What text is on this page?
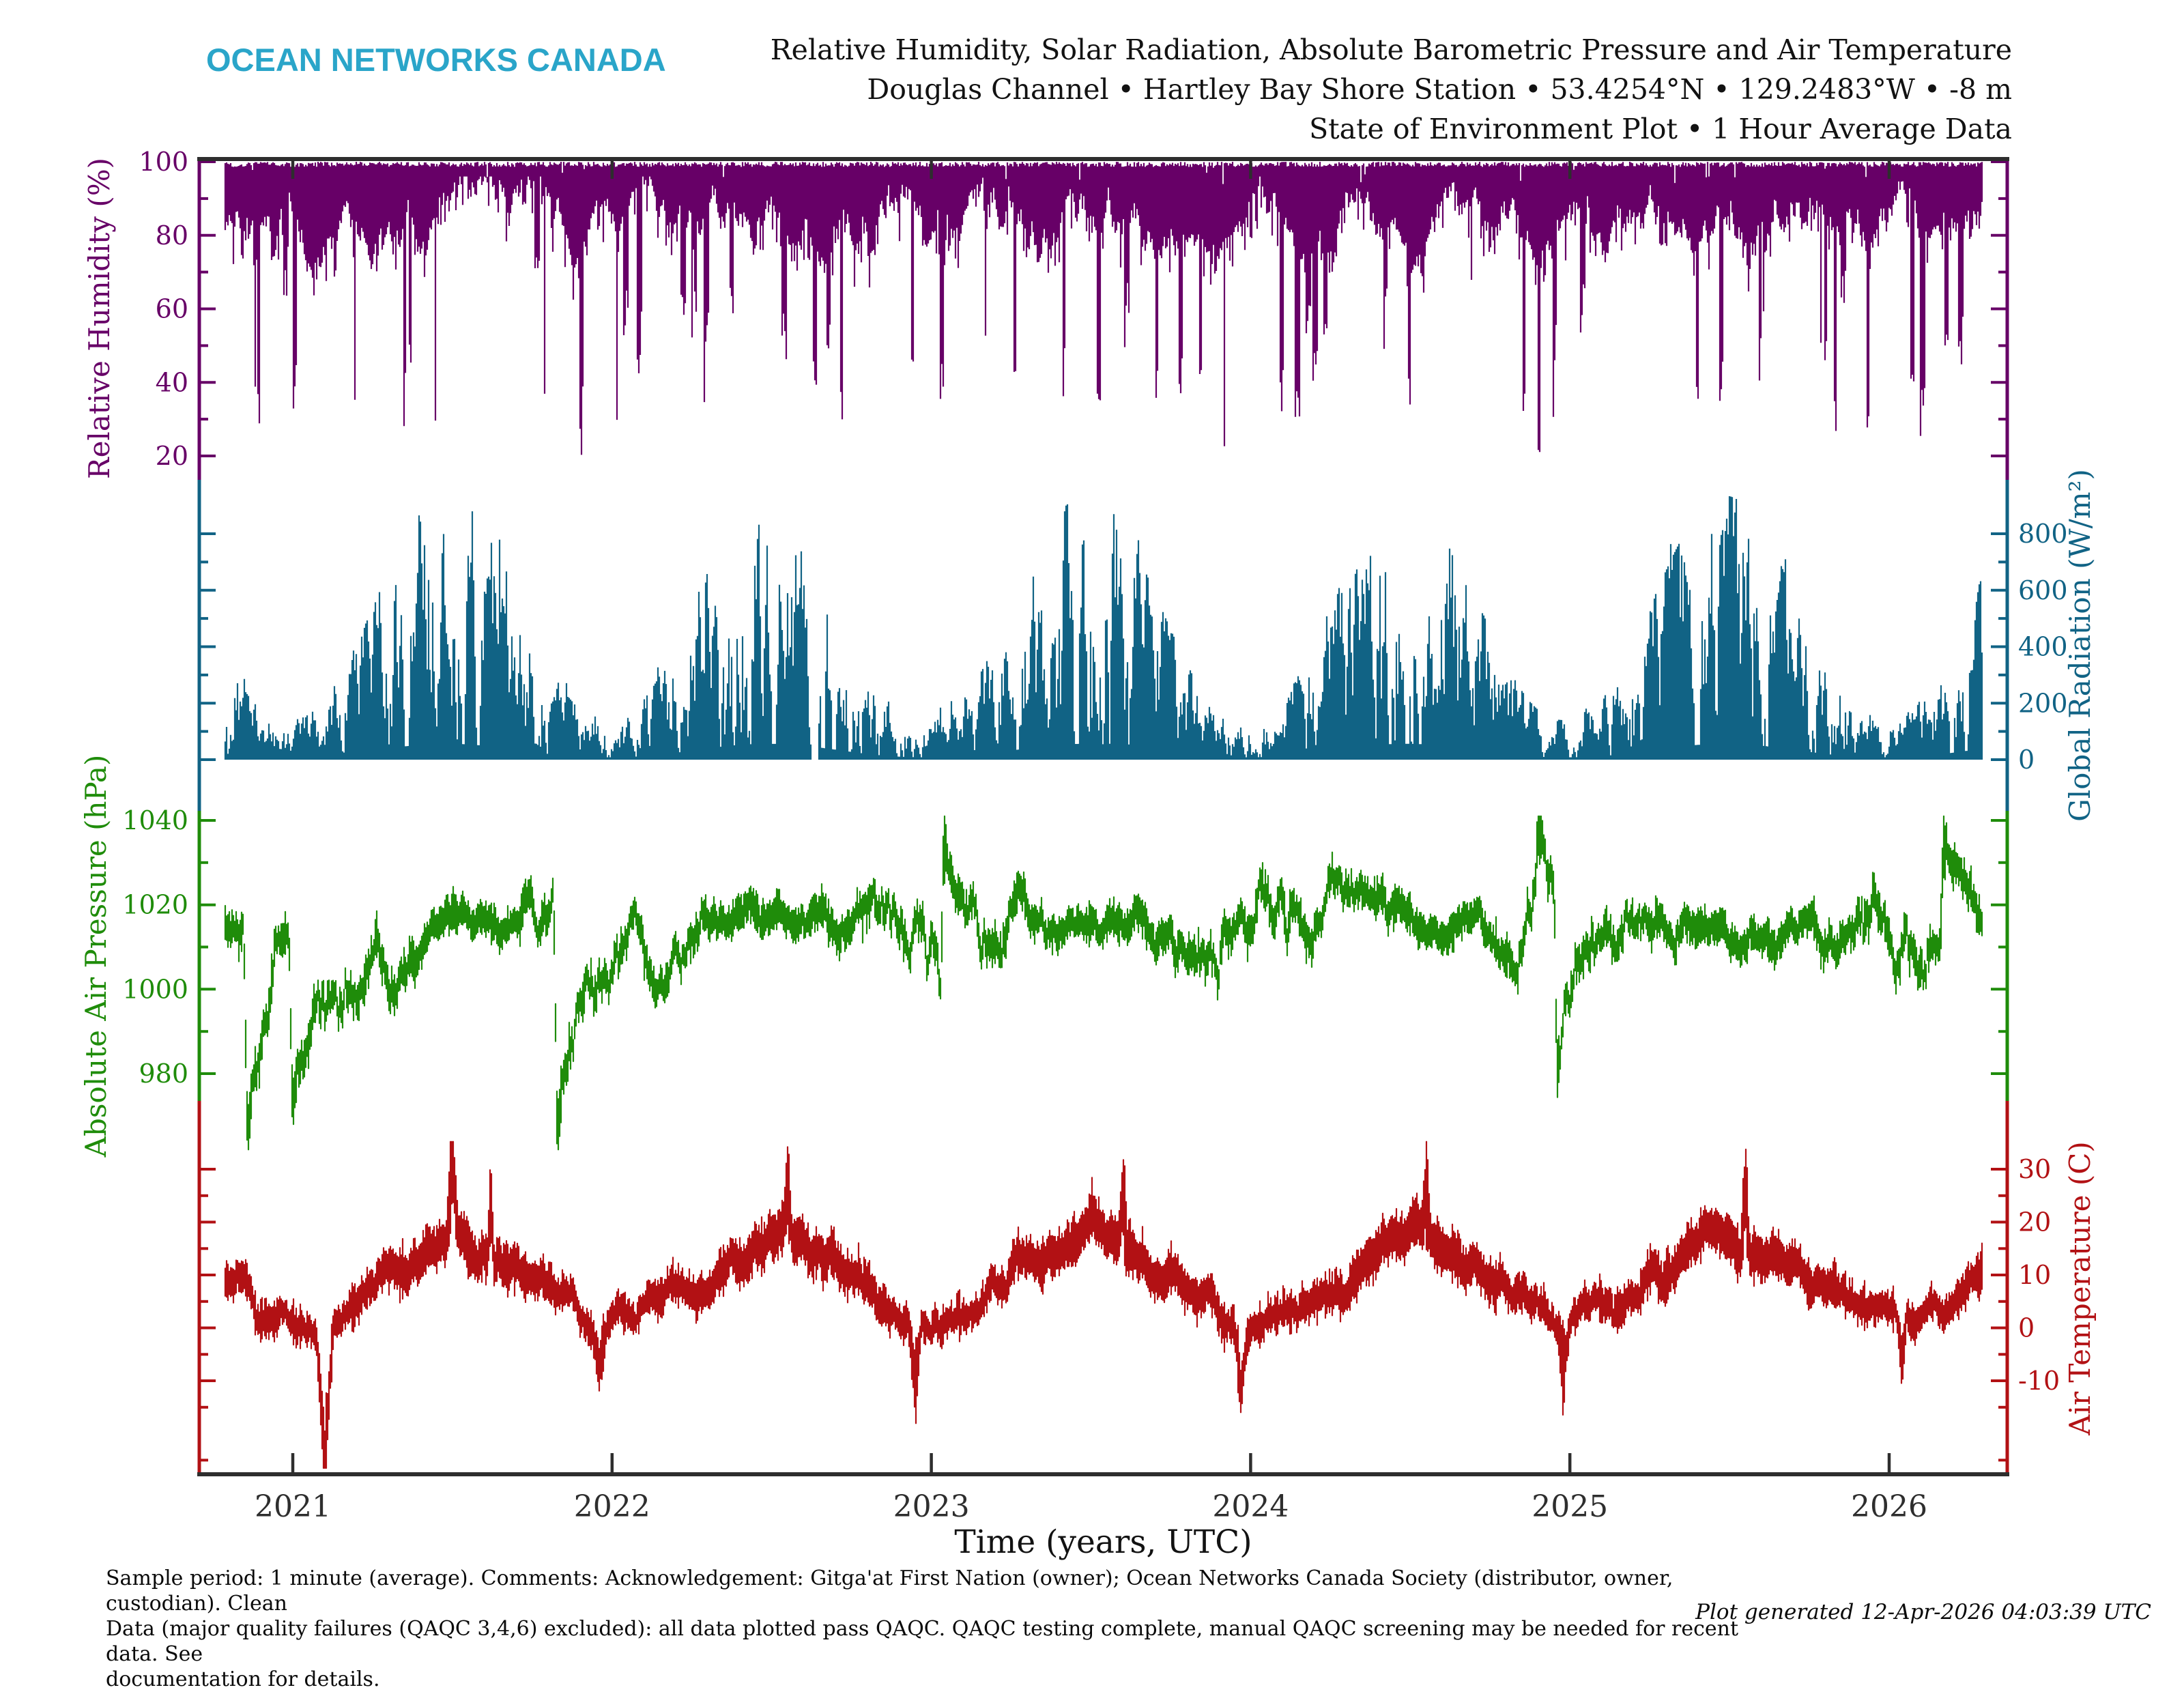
OCEAN NETWORKS CANADA	Relative Humidity, Solar Radiation, Absolute Barometric Pressure and Air Temperature
Douglas Channel • Hartley Bay Shore Station • 53.4254°N • 129.2483°W • -8 m
State of Environment Plot • 1 Hour Average Data
100
80
60
40
20
Relative Humidity (%)
800
600
400
200
0 Global Radiation (W/m²)
1040
1020
1000
980
Absolute Air Pressure (hPa)
30
20
10
0
-10 Air Temperature (C)
2021	2022	2023	2024	2025	2026
Time (years, UTC)
Sample period: 1 minute (average). Comments: Acknowledgement: Gitga'at First Nation (owner); Ocean Networks Canada Society (distributor, owner, custodian). Clean
Data (major quality failures (QAQC 3,4,6) excluded): all data plotted pass QAQC. QAQC testing complete, manual QAQC screening may be needed for recent data. See
documentation for details.
Plot generated 12-Apr-2026 04:03:39 UTC
